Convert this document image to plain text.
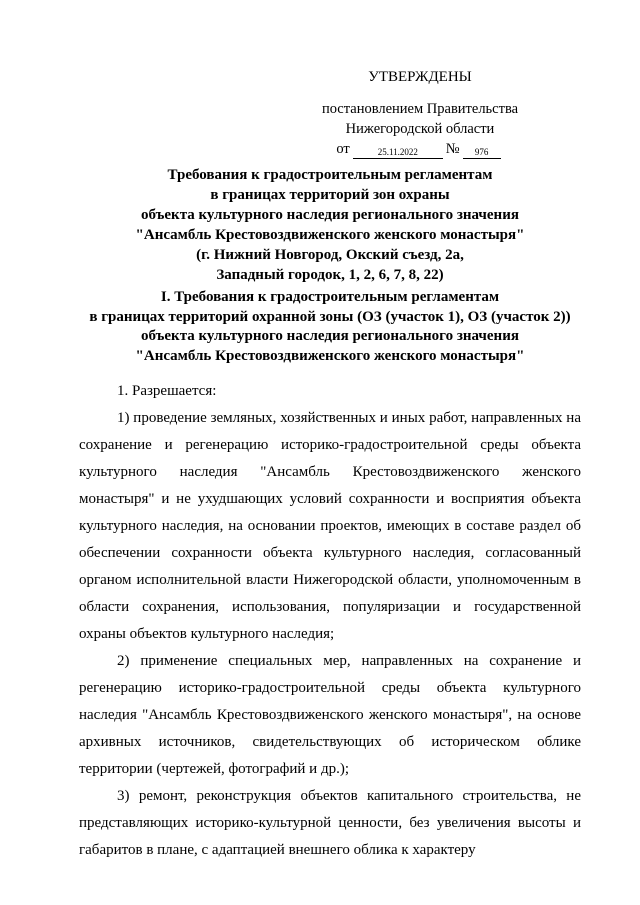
УТВЕРЖДЕНЫ
постановлением Правительства
Нижегородской области
от	25.11.2022	№	976
Требования к градостроительным регламентам
в границах территорий зон охраны
объекта культурного наследия регионального значения
"Ансамбль Крестовоздвиженского женского монастыря"
(г. Нижний Новгород, Окский съезд, 2а,
Западный городок, 1, 2, 6, 7, 8, 22)
I. Требования к градостроительным регламентам
в границах территорий охранной зоны (ОЗ (участок 1), ОЗ (участок 2))
объекта культурного наследия регионального значения
"Ансамбль Крестовоздвиженского женского монастыря"

1. Разрешается:

1) проведение земляных, хозяйственных и иных работ, направленных на сохранение и регенерацию историко-градостроительной среды объекта культурного наследия "Ансамбль Крестовоздвиженского женского монастыря" и не ухудшающих условий сохранности и восприятия объекта культурного наследия, на основании проектов, имеющих в составе раздел об обеспечении сохранности объекта культурного наследия, согласованный органом исполнительной власти Нижегородской области, уполномоченным в области сохранения, использования, популяризации и государственной охраны объектов культурного наследия;

2) применение специальных мер, направленных на сохранение и регенерацию историко-градостроительной среды объекта культурного наследия "Ансамбль Крестовоздвиженского женского монастыря", на основе архивных источников, свидетельствующих об историческом облике территории (чертежей, фотографий и др.);

3) ремонт, реконструкция объектов капитального строительства, не представляющих историко-культурной ценности, без увеличения высоты и габаритов в плане, с адаптацией внешнего облика к характеру
